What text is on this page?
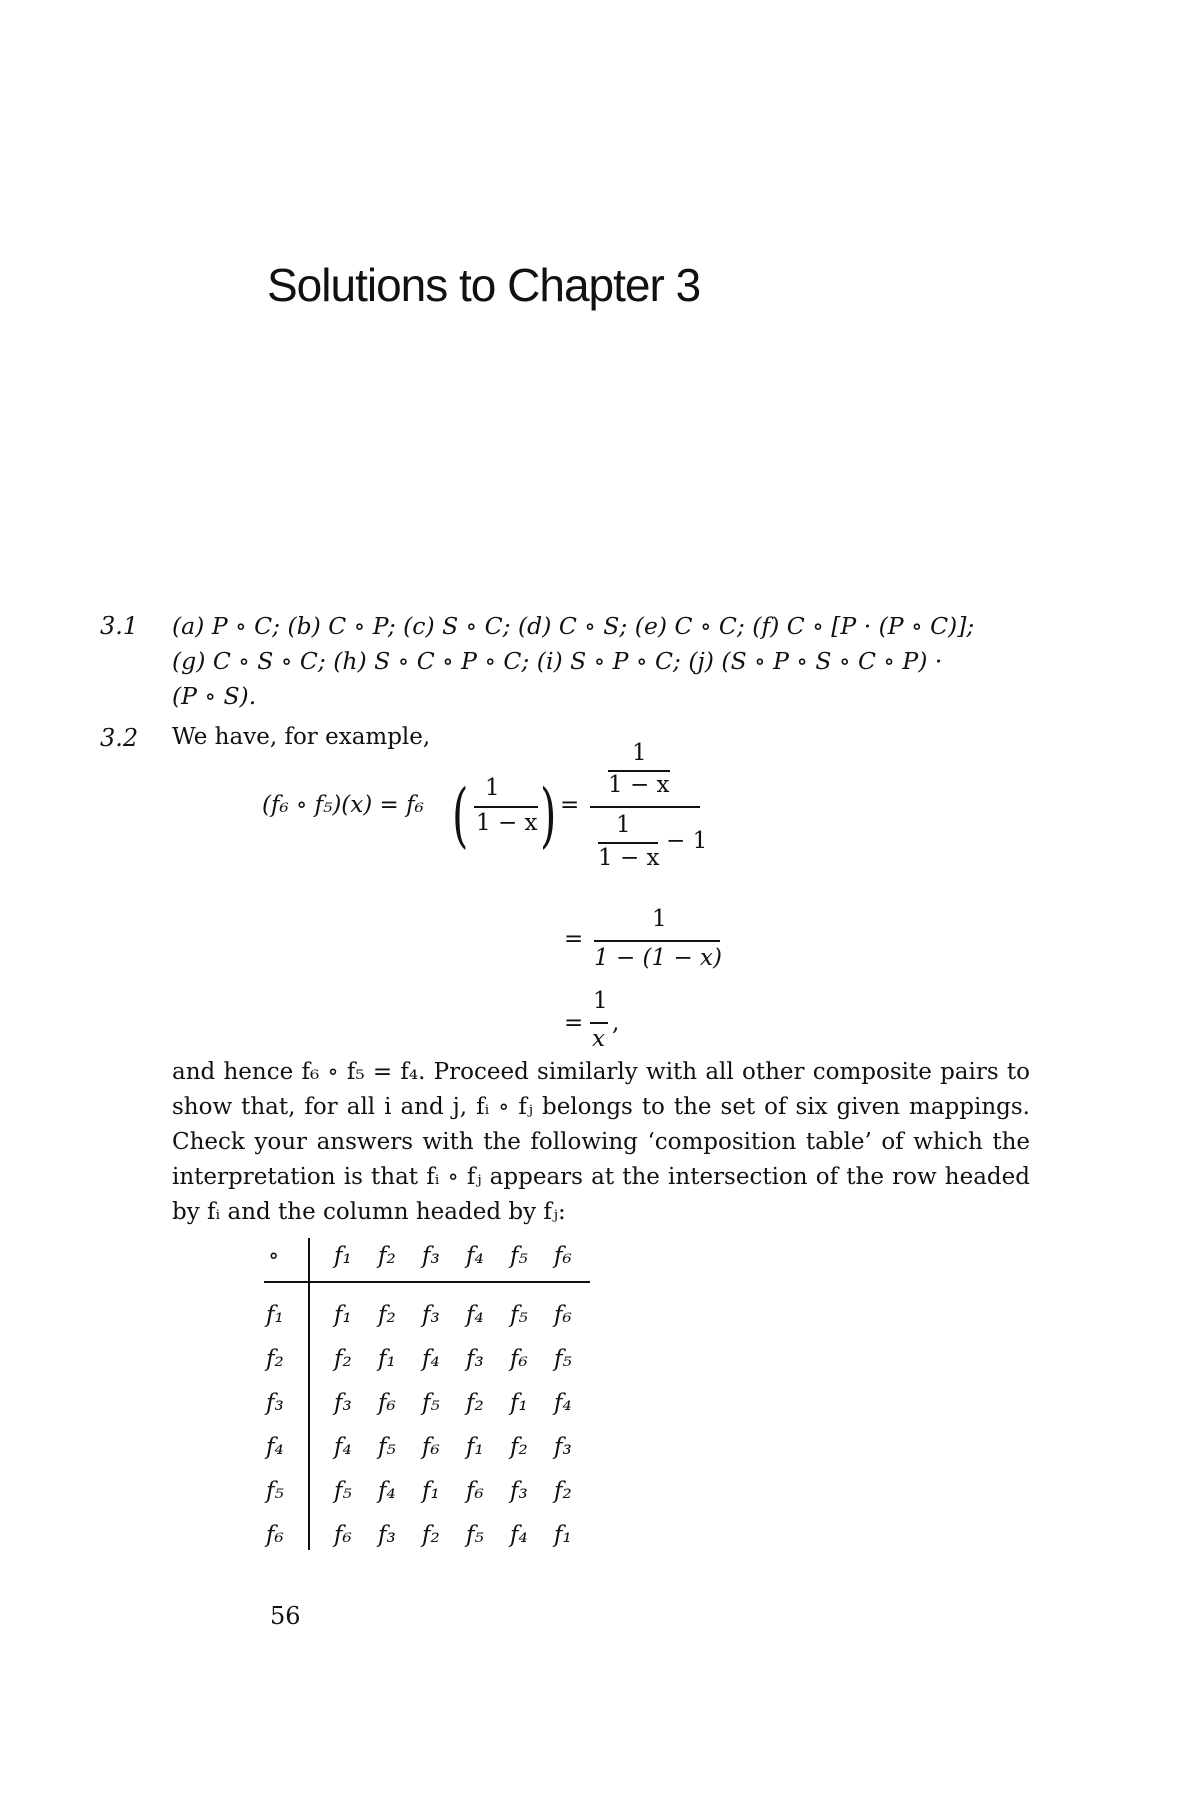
Solutions to Chapter 3
3.1 (a) P ∘ C; (b) C ∘ P; (c) S ∘ C; (d) C ∘ S; (e) C ∘ C; (f) C ∘ [P · (P ∘ C)];
(g) C ∘ S ∘ C; (h) S ∘ C ∘ P ∘ C; (i) S ∘ P ∘ C; (j) (S ∘ P ∘ S ∘ C ∘ P) ·
(P ∘ S).
3.2 We have, for example,
(f₆ ∘ f₅)(x) = f₆ ( 1
1 − x ) =
1
1 − x
1
1 − x
− 1
=
1
1 − (1 − x)
=
1
x
,
and hence f₆ ∘ f₅ = f₄. Proceed similarly with all other composite pairs to
show that, for all i and j, fᵢ ∘ fⱼ belongs to the set of six given mappings.
Check your answers with the following ‘composition table’ of which the
interpretation is that fᵢ ∘ fⱼ appears at the intersection of the row headed
by fᵢ and the column headed by fⱼ:
∘ f₁ f₂ f₃ f₄ f₅ f₆
f₁ f₁ f₂ f₃ f₄ f₅ f₆
f₂ f₂ f₁ f₄ f₃ f₆ f₅
f₃ f₃ f₆ f₅ f₂ f₁ f₄
f₄ f₄ f₅ f₆ f₁ f₂ f₃
f₅ f₅ f₄ f₁ f₆ f₃ f₂
f₆ f₆ f₃ f₂ f₅ f₄ f₁
56
